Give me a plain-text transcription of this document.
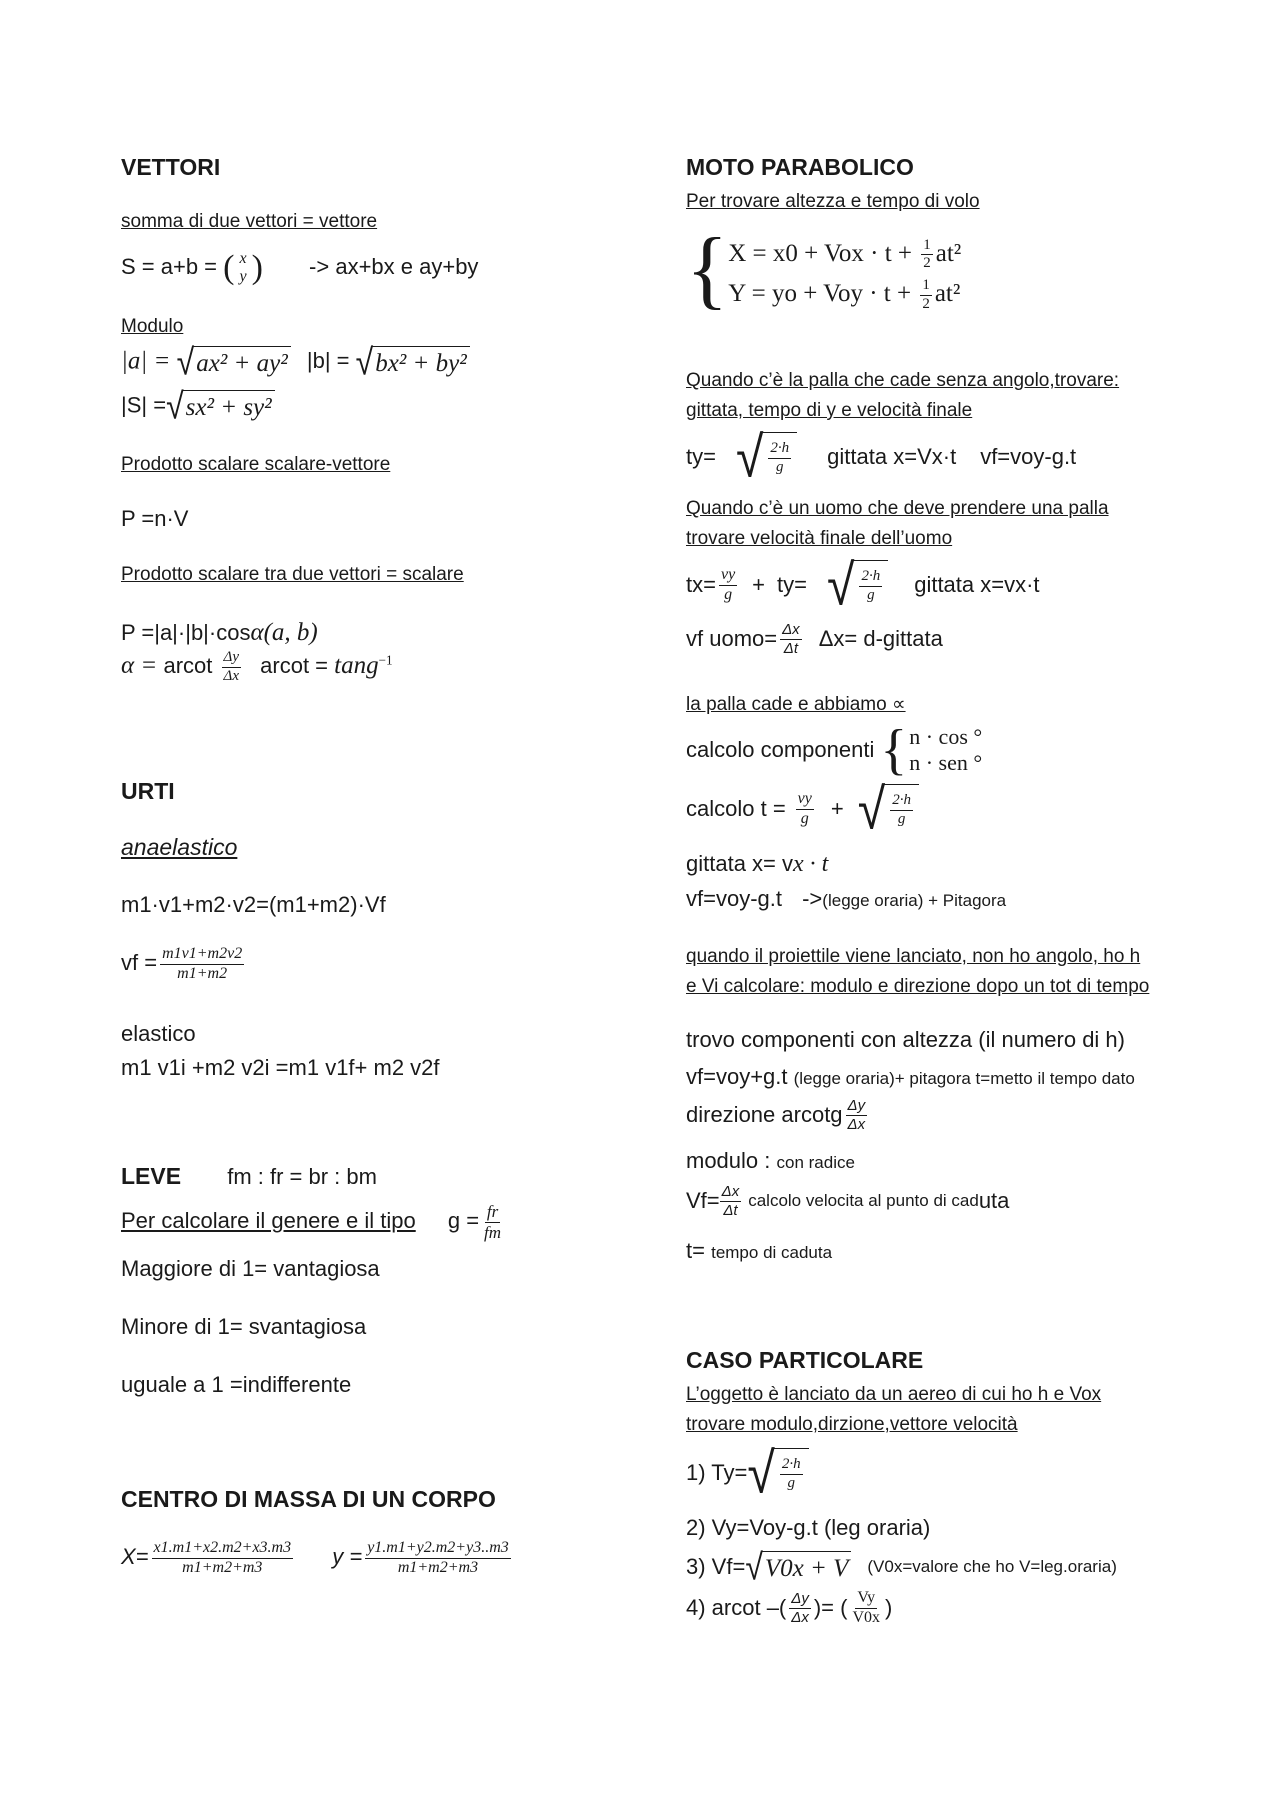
VETTORI
somma di due vettori = vettore
S = a+b = ( x
y ) -> ax+bx e ay+by
Modulo
|a| = √ ax² + ay² |b| = √ bx² + by²
|S| = √ sx² + sy²
Prodotto scalare scalare-vettore
P =n·V
Prodotto scalare tra due vettori = scalare
P =|a|·|b|·cosα(a, b)
α = arcot $\frac{\Delta y}{\Delta x}$ arcot = tang$^{-1}$
URTI
anaelastico
m1·v1+m2·v2=(m1+m2)·Vf
vf = $\frac{m1v1+m2v2}{m1+m2}$
elastico
m1 v1i +m2 v2i =m1 v1f+ m2 v2f
LEVE fm : fr = br : bm
Per calcolare il genere e il tipo $g = \frac{fr}{fm}$
Maggiore di 1= vantagiosa
Minore di 1= svantagiosa
uguale a 1 =indifferente
CENTRO DI MASSA DI UN CORPO
$X= \frac{x1.m1+x2.m2+x3.m3}{m1+m2+m3}$ $y = \frac{y1.m1+y2.m2+y3..m3}{m1+m2+m3}$
MOTO PARABOLICO
Per trovare altezza e tempo di volo
{ X = x0 + Vox · $t + \frac{1}{2} at^2$
Y = yo + Voy · $t + \frac{1}{2} at^2$
Quando c’è la palla che cade senza angolo,trovare:
gittata, tempo di y e velocità finale
ty= √ $\frac{2\cdot h}{g}$ gittata x=Vx·t vf=voy-g.t
Quando c’è un uomo che deve prendere una palla
trovare velocità finale dell’uomo
$tx= \frac{vy}{g} + ty=$ √ $\frac{2\cdot h}{g}$ gittata x=vx·t
vf uomo= $\frac{\Delta x}{\Delta t} \Delta x=$ d-gittata
la palla cade e abbiamo ∝
calcolo componenti { n · cos °
n · sen °
calcolo $t = \frac{vy}{g}$ + √ $\frac{2\cdot h}{g}$
gittata x= vx · t
vf=voy-g.t ->(legge oraria) + Pitagora
quando il proiettile viene lanciato, non ho angolo, ho h
e Vi calcolare: modulo e direzione dopo un tot di tempo
trovo componenti con altezza (il numero di h)
vf=voy+g.t (legge oraria)+ pitagora t=metto il tempo dato
direzione arcotg $\frac{\Delta y}{\Delta x}$
modulo : con radice
$Vf= \frac{\Delta x}{\Delta t}$ calcolo velocita al punto di cad uta
t= tempo di caduta
CASO PARTICOLARE
L’oggetto è lanciato da un aereo di cui ho h e Vox
trovare modulo,dirzione,vettore velocità
1) Ty= √ $\frac{2\cdot h}{g}$
2) Vy=Voy-g.t (leg oraria)
3) Vf= √ V0x + V (V0x=valore che ho V=leg.oraria)
4) arcot –( $\frac{\Delta y}{\Delta x}$ )= ( $\frac{Vy}{V0x}$ )
